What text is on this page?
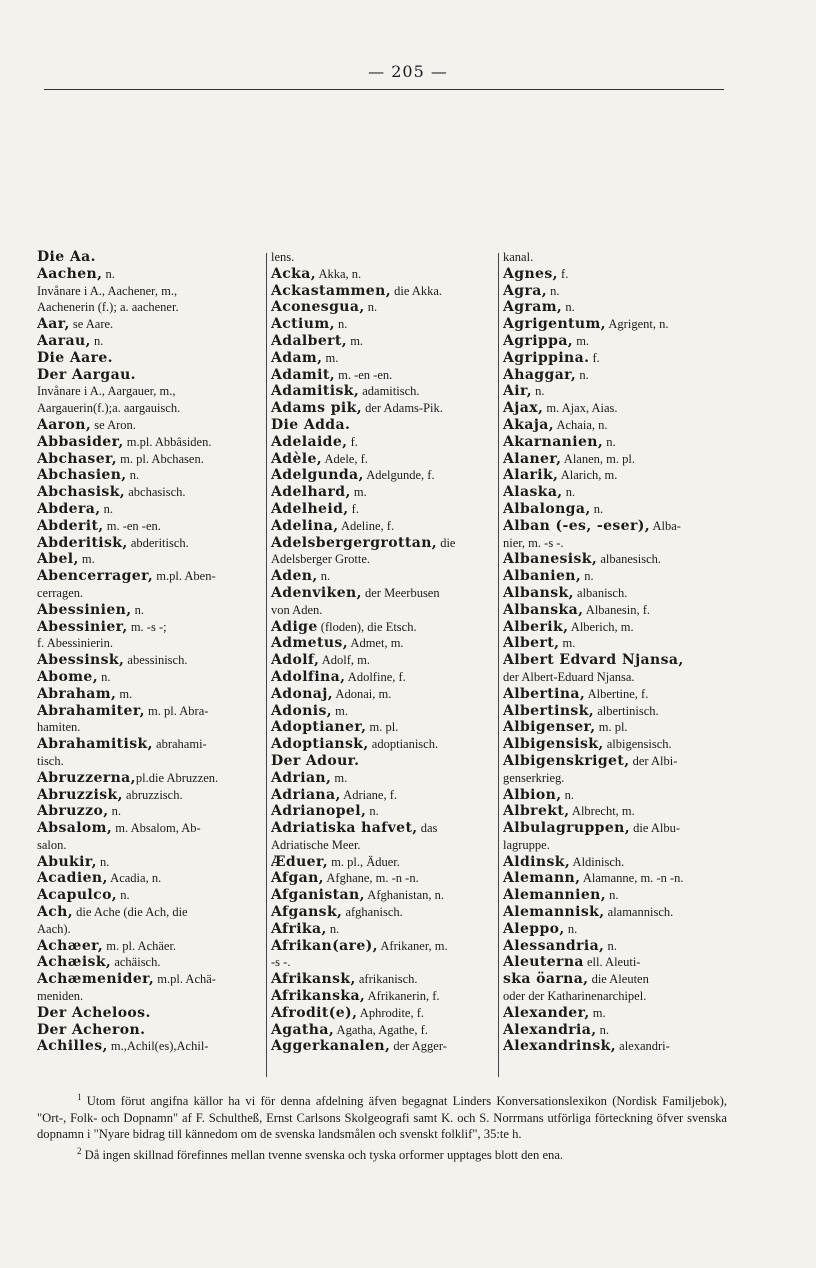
— 205 —
Die Aa.
Aachen, n.
Invånare i A., Aachener, m.,
Aachenerin (f.); a. aachener.
Aar, se Aare.
Aarau, n.
Die Aare.
Der Aargau.
Invånare i A., Aargauer, m.,
Aargauerin(f.);a. aargauisch.
Aaron, se Aron.
Abbasider, m.pl. Abbâsiden.
Abchaser, m. pl. Abchasen.
Abchasien, n.
Abchasisk, abchasisch.
Abdera, n.
Abderit, m. -en -en.
Abderitisk, abderitisch.
Abel, m.
Abencerrager, m.pl. Aben-
cerragen.
Abessinien, n.
Abessinier, m. -s -;
f. Abessinierin.
Abessinsk, abessinisch.
Abome, n.
Abraham, m.
Abrahamiter, m. pl. Abra-
hamiten.
Abrahamitisk, abrahami-
tisch.
Abruzzerna,pl.die Abruzzen.
Abruzzisk, abruzzisch.
Abruzzo, n.
Absalom, m. Absalom, Ab-
salon.
Abukir, n.
Acadien, Acadia, n.
Acapulco, n.
Ach, die Ache (die Ach, die
Aach).
Achæer, m. pl. Achäer.
Achæisk, achäisch.
Achæmenider, m.pl. Achä-
meniden.
Der Acheloos.
Der Acheron.
Achilles, m.,Achil(es),Achil-
lens.
Acka, Akka, n.
Ackastammen, die Akka.
Aconesgua, n.
Actium, n.
Adalbert, m.
Adam, m.
Adamit, m. -en -en.
Adamitisk, adamitisch.
Adams pik, der Adams-Pik.
Die Adda.
Adelaide, f.
Adèle, Adele, f.
Adelgunda, Adelgunde, f.
Adelhard, m.
Adelheid, f.
Adelina, Adeline, f.
Adelsbergergrottan, die
Adelsberger Grotte.
Aden, n.
Adenviken, der Meerbusen
von Aden.
Adige (floden), die Etsch.
Admetus, Admet, m.
Adolf, Adolf, m.
Adolfina, Adolfine, f.
Adonaj, Adonai, m.
Adonis, m.
Adoptianer, m. pl.
Adoptiansk, adoptianisch.
Der Adour.
Adrian, m.
Adriana, Adriane, f.
Adrianopel, n.
Adriatiska hafvet, das
Adriatische Meer.
Æduer, m. pl., Äduer.
Afgan, Afghane, m. -n -n.
Afganistan, Afghanistan, n.
Afgansk, afghanisch.
Afrika, n.
Afrikan(are), Afrikaner, m.
-s -.
Afrikansk, afrikanisch.
Afrikanska, Afrikanerin, f.
Afrodit(e), Aphrodite, f.
Agatha, Agatha, Agathe, f.
Aggerkanalen, der Agger-
kanal.
Agnes, f.
Agra, n.
Agram, n.
Agrigentum, Agrigent, n.
Agrippa, m.
Agrippina. f.
Ahaggar, n.
Air, n.
Ajax, m. Ajax, Aias.
Akaja, Achaia, n.
Akarnanien, n.
Alaner, Alanen, m. pl.
Alarik, Alarich, m.
Alaska, n.
Albalonga, n.
Alban (-es, -eser), Alba-
nier, m. -s -.
Albanesisk, albanesisch.
Albanien, n.
Albansk, albanisch.
Albanska, Albanesin, f.
Alberik, Alberich, m.
Albert, m.
Albert Edvard Njansa,
der Albert-Eduard Njansa.
Albertina, Albertine, f.
Albertinsk, albertinisch.
Albigenser, m. pl.
Albigensisk, albigensisch.
Albigenskriget, der Albi-
genserkrieg.
Albion, n.
Albrekt, Albrecht, m.
Albulagruppen, die Albu-
lagruppe.
Aldinsk, Aldinisch.
Alemann, Alamanne, m. -n -n.
Alemannien, n.
Alemannisk, alamannisch.
Aleppo, n.
Alessandria, n.
Aleuterna ell. Aleuti-
ska öarna, die Aleuten
oder der Katharinenarchipel.
Alexander, m.
Alexandria, n.
Alexandrinsk, alexandri-

$^1$ Utom förut angifna källor ha vi för denna afdelning äfven begagnat Linders Konversationslexikon (Nordisk Familjebok), "Ort-, Folk- och Dopnamn" af F. Schultheß, Ernst Carlsons Skolgeografi samt K. och S. Norrmans utförliga förteckning öfver svenska dopnamn i "Nyare bidrag till kännedom om de svenska landsmålen och svenskt folklif", 35:te h.

$^2$ Då ingen skillnad förefinnes mellan tvenne svenska och tyska orformer upptages blott den ena.
